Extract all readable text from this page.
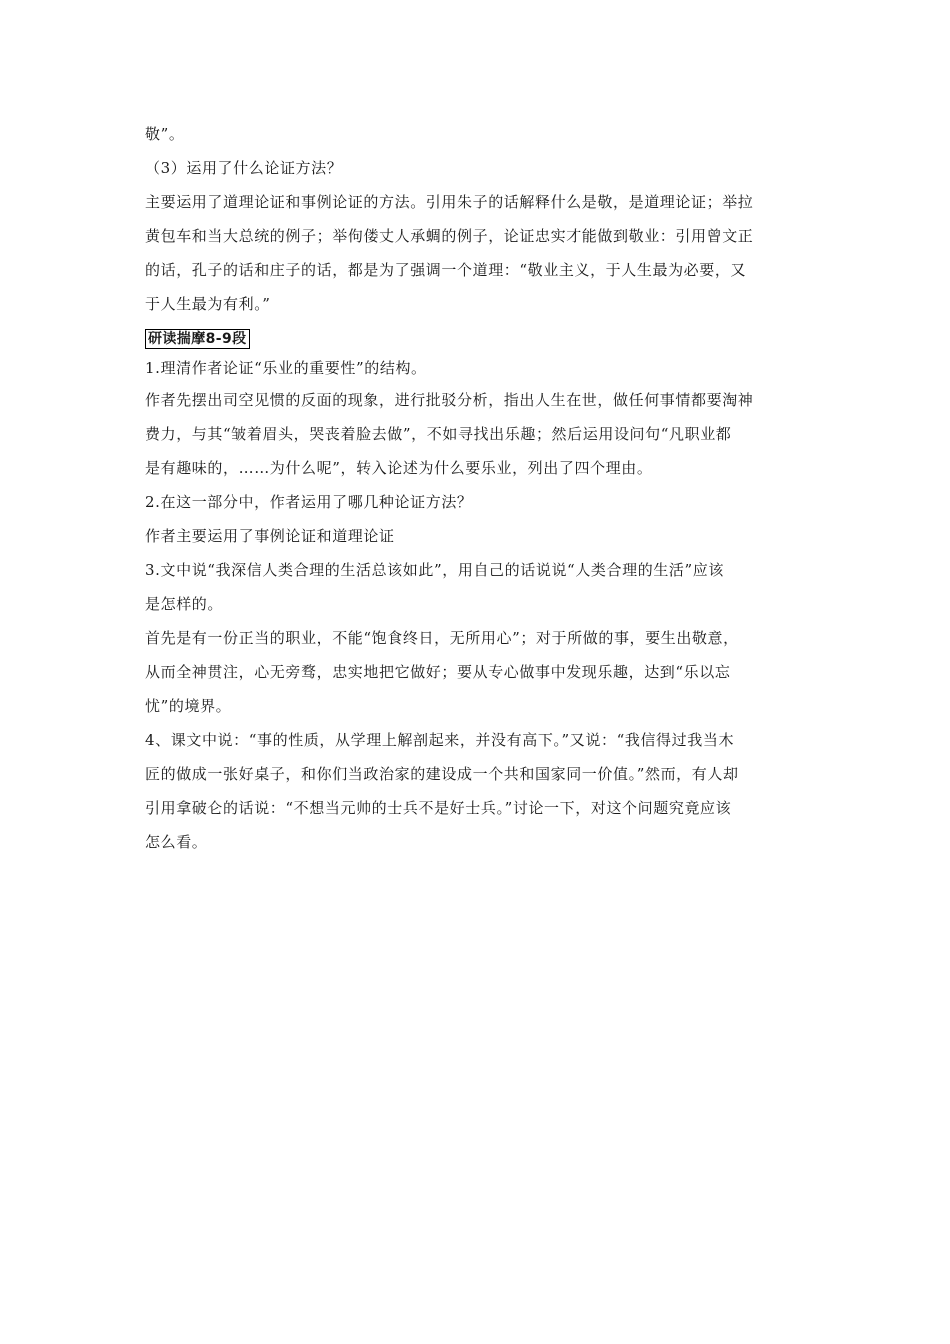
敬”。
（3）运用了什么论证方法？
主要运用了道理论证和事例论证的方法。引用朱子的话解释什么是敬，是道理论证；举拉
黄包车和当大总统的例子；举佝偻丈人承蜩的例子，论证忠实才能做到敬业：引用曾文正
的话，孔子的话和庄子的话，都是为了强调一个道理：“敬业主义，于人生最为必要，又
于人生最为有利。”
研读揣摩8-9段
1.理清作者论证“乐业的重要性”的结构。
作者先摆出司空见惯的反面的现象，进行批驳分析，指出人生在世，做任何事情都要淘神
费力，与其“皱着眉头，哭丧着脸去做”，不如寻找出乐趣；然后运用设问句“凡职业都
是有趣味的，……为什么呢”，转入论述为什么要乐业，列出了四个理由。
2.在这一部分中，作者运用了哪几种论证方法？
作者主要运用了事例论证和道理论证
3.文中说“我深信人类合理的生活总该如此”，用自己的话说说“人类合理的生活”应该
是怎样的。
首先是有一份正当的职业，不能“饱食终日，无所用心”；对于所做的事，要生出敬意，
从而全神贯注，心无旁骛，忠实地把它做好；要从专心做事中发现乐趣，达到“乐以忘
忧”的境界。
4、课文中说：“事的性质，从学理上解剖起来，并没有高下。”又说：“我信得过我当木
匠的做成一张好桌子，和你们当政治家的建设成一个共和国家同一价值。”然而，有人却
引用拿破仑的话说：“不想当元帅的士兵不是好士兵。”讨论一下，对这个问题究竟应该
怎么看。
